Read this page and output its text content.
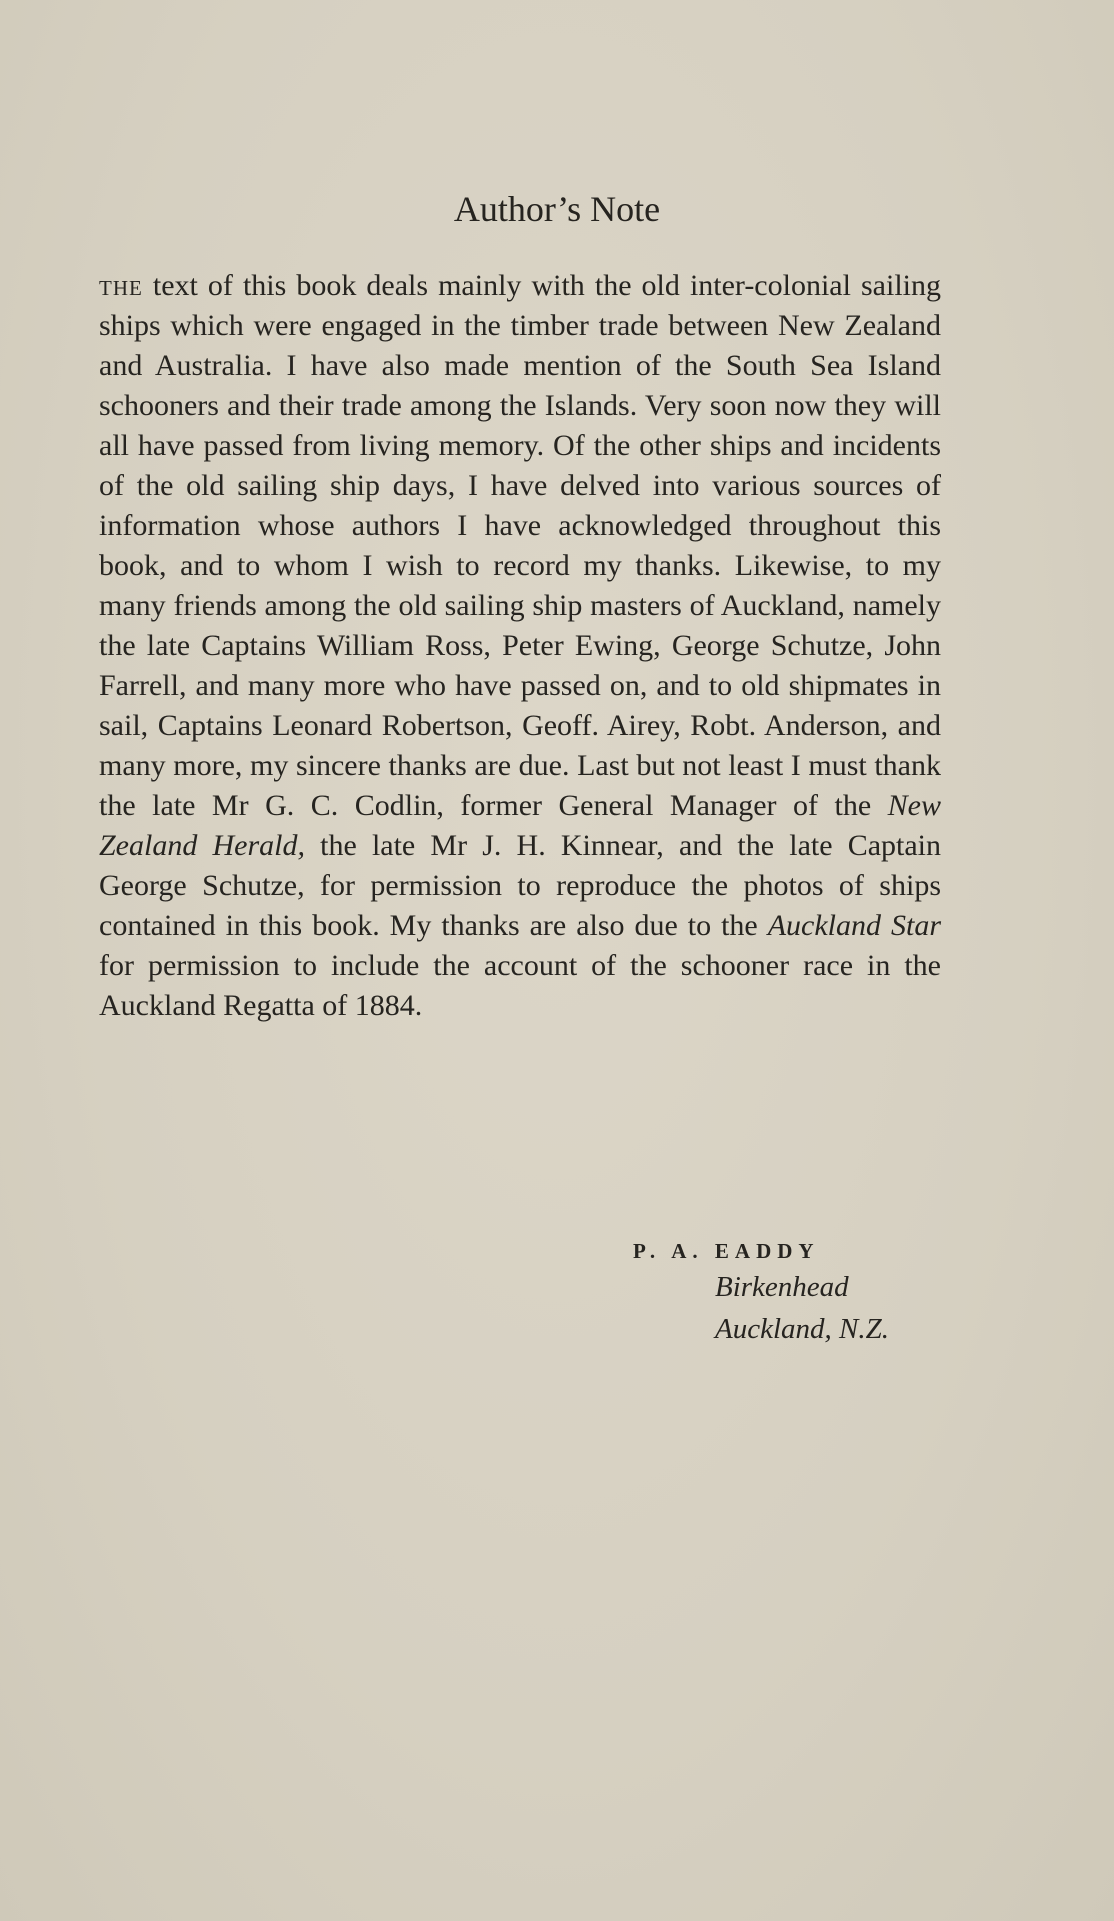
Author’s Note

the text of this book deals mainly with the old inter-colonial sailing ships which were engaged in the timber trade between New Zealand and Australia. I have also made mention of the South Sea Island schooners and their trade among the Islands. Very soon now they will all have passed from living memory. Of the other ships and incidents of the old sailing ship days, I have delved into various sources of information whose authors I have acknowledged throughout this book, and to whom I wish to record my thanks. Likewise, to my many friends among the old sailing ship masters of Auckland, namely the late Captains William Ross, Peter Ewing, George Schutze, John Farrell, and many more who have passed on, and to old shipmates in sail, Captains Leonard Robertson, Geoff. Airey, Robt. Anderson, and many more, my sincere thanks are due. Last but not least I must thank the late Mr G. C. Codlin, former General Manager of the New Zealand Herald, the late Mr J. H. Kinnear, and the late Captain George Schutze, for permission to reproduce the photos of ships contained in this book. My thanks are also due to the Auckland Star for permission to include the account of the schooner race in the Auckland Regatta of 1884.

P. A. EADDY
Birkenhead
Auckland, N.Z.
